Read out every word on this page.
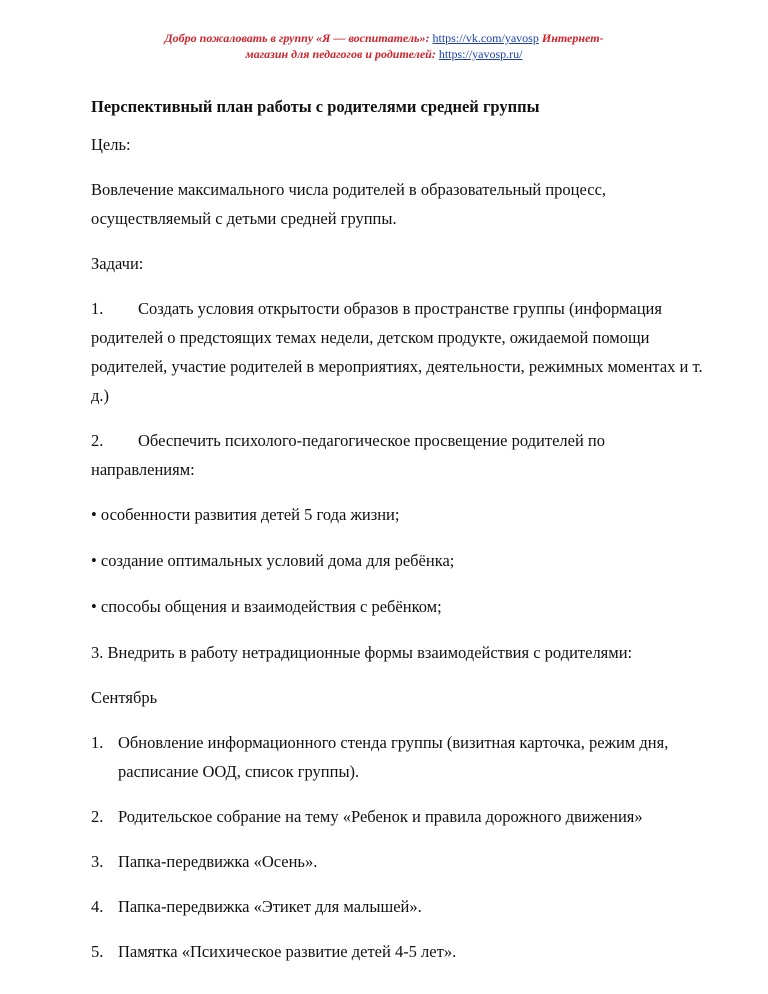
Добро пожаловать в группу «Я — воспитатель»: https://vk.com/yavosp Интернет-
магазин для педагогов и родителей: https://yavosp.ru/

Перспективный план работы с родителями средней группы

Цель:

Вовлечение максимального числа родителей в образовательный процесс, осуществляемый с детьми средней группы.

Задачи:

1. Создать условия открытости образов в пространстве группы (информация родителей о предстоящих темах недели, детском продукте, ожидаемой помощи родителей, участие родителей в мероприятиях, деятельности, режимных моментах и т. д.)

2. Обеспечить психолого-педагогическое просвещение родителей по направлениям:

• особенности развития детей 5 года жизни;

• создание оптимальных условий дома для ребёнка;

• способы общения и взаимодействия с ребёнком;

3. Внедрить в работу нетрадиционные формы взаимодействия с родителями:

Сентябрь

1. Обновление информационного стенда группы (визитная карточка, режим дня, расписание ООД, список группы).
2. Родительское собрание на тему «Ребенок и правила дорожного движения»
3. Папка-передвижка «Осень».
4. Папка-передвижка «Этикет для малышей».
5. Памятка «Психическое развитие детей 4-5 лет».
